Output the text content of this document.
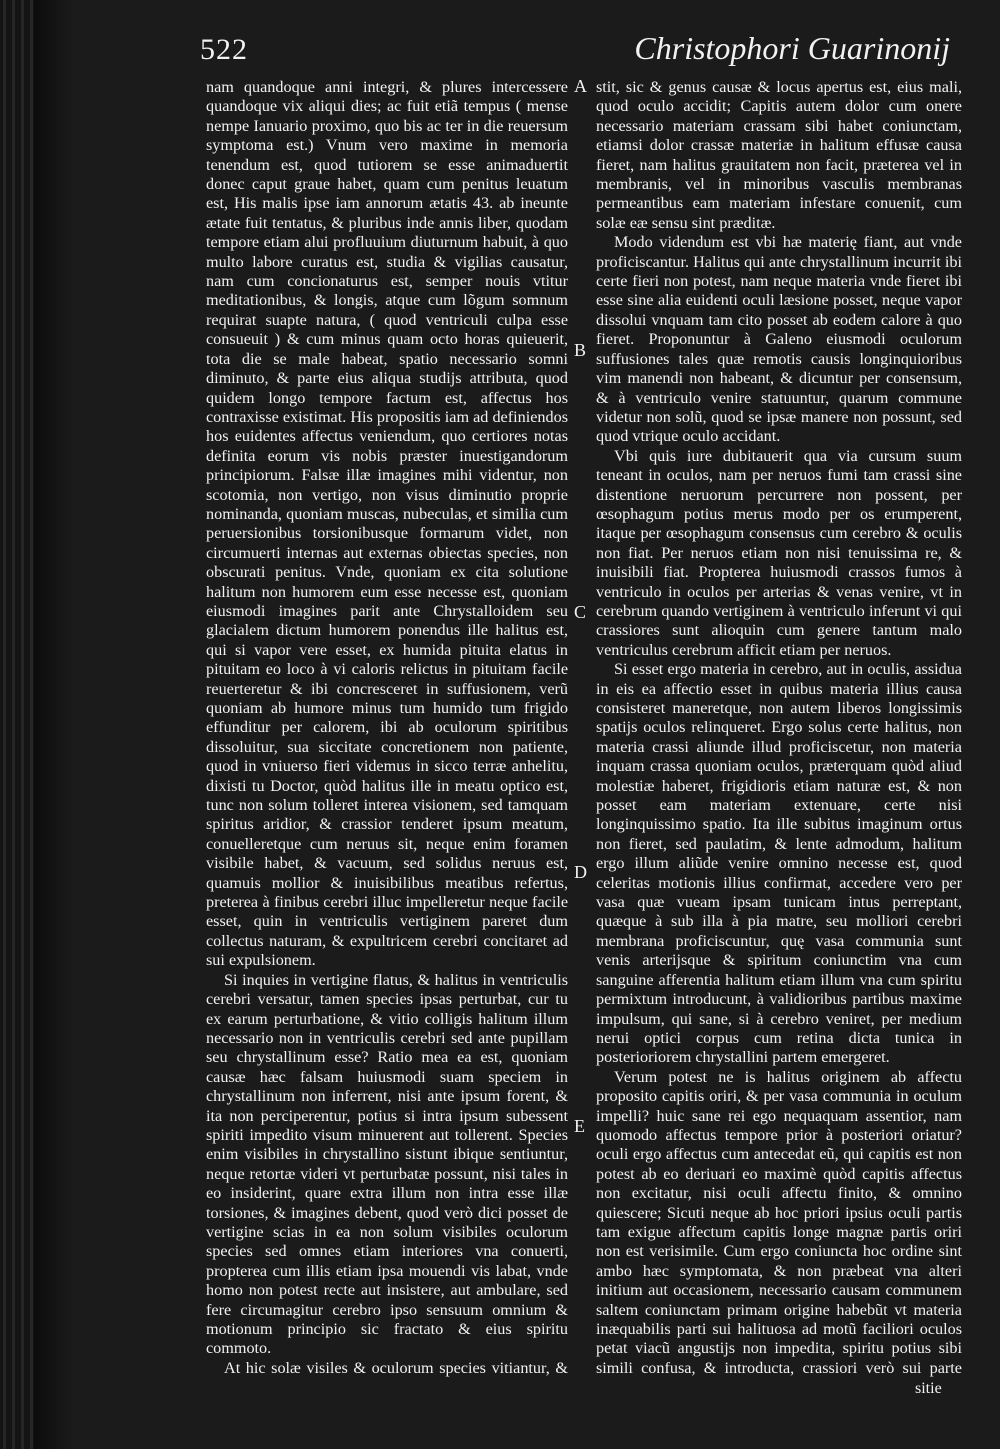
522	Christophori Guarinonij

nam quandoque anni integri, & plures intercessere quandoque vix aliqui dies; ac fuit etiã tempus ( mense nempe Ianuario proximo, quo bis ac ter in die reuersum symptoma est.) Vnum vero maxime in memoria tenendum est, quod tutiorem se esse animaduertit donec caput graue habet, quam cum penitus leuatum est, His malis ipse iam annorum ætatis 43. ab ineunte ætate fuit tentatus, & pluribus inde annis liber, quodam tempore etiam alui profluuium diuturnum habuit, à quo multo labore curatus est, studia & vigilias causatur, nam cum concionaturus est, semper nouis vtitur meditationibus, & longis, atque cum lõgum somnum requirat suapte natura, ( quod ventriculi culpa esse consueuit ) & cum minus quam octo horas quieuerit, tota die se male habeat, spatio necessario somni diminuto, & parte eius aliqua studijs attributa, quod quidem longo tempore factum est, affectus hos contraxisse existimat. His propositis iam ad definiendos hos euidentes affectus veniendum, quo certiores notas definita eorum vis nobis præster inuestigandorum principiorum. Falsæ illæ imagines mihi videntur, non scotomia, non vertigo, non visus diminutio proprie nominanda, quoniam muscas, nubeculas, et similia cum peruersionibus torsionibusque formarum videt, non circumuerti internas aut externas obiectas species, non obscurati penitus. Vnde, quoniam ex cita solutione halitum non humorem eum esse necesse est, quoniam eiusmodi imagines parit ante Chrystalloidem seu glacialem dictum humorem ponendus ille halitus est, qui si vapor vere esset, ex humida pituita elatus in pituitam eo loco à vi caloris relictus in pituitam facile reuerteretur & ibi concresceret in suffusionem, verũ quoniam ab humore minus tum humido tum frigido effunditur per calorem, ibi ab oculorum spiritibus dissoluitur, sua siccitate concretionem non patiente, quod in vniuerso fieri videmus in sicco terræ anhelitu, dixisti tu Doctor, quòd halitus ille in meatu optico est, tunc non solum tolleret interea visionem, sed tamquam spiritus aridior, & crassior tenderet ipsum meatum, conuelleretque cum neruus sit, neque enim foramen visibile habet, & vacuum, sed solidus neruus est, quamuis mollior & inuisibilibus meatibus refertus, preterea à finibus cerebri illuc impelleretur neque facile esset, quin in ventriculis vertiginem pareret dum collectus naturam, & expultricem cerebri concitaret ad sui expulsionem.

Si inquies in vertigine flatus, & halitus in ventriculis cerebri versatur, tamen species ipsas perturbat, cur tu ex earum perturbatione, & vitio colligis halitum illum necessario non in ventriculis cerebri sed ante pupillam seu chrystallinum esse? Ratio mea ea est, quoniam causæ hæc falsam huiusmodi suam speciem in chrystallinum non inferrent, nisi ante ipsum forent, & ita non perciperentur, potius si intra ipsum subessent spiriti impedito visum minuerent aut tollerent. Species enim visibiles in chrystallino sistunt ibique sentiuntur, neque retortæ videri vt perturbatæ possunt, nisi tales in eo insiderint, quare extra illum non intra esse illæ torsiones, & imagines debent, quod verò dici posset de vertigine scias in ea non solum visibiles oculorum species sed omnes etiam interiores vna conuerti, propterea cum illis etiam ipsa mouendi vis labat, vnde homo non potest recte aut insistere, aut ambulare, sed fere circumagitur cerebro ipso sensuum omnium & motionum principio sic fractato & eius spiritu commoto.

At hic solæ visiles & oculorum species vitiantur, &

A
B
C
D
E

stit, sic & genus causæ & locus apertus est, eius mali, quod oculo accidit; Capitis autem dolor cum onere necessario materiam crassam sibi habet coniunctam, etiamsi dolor crassæ materiæ in halitum effusæ causa fieret, nam halitus grauitatem non facit, præterea vel in membranis, vel in minoribus vasculis membranas permeantibus eam materiam infestare conuenit, cum solæ eæ sensu sint præditæ.

Modo videndum est vbi hæ materię fiant, aut vnde proficiscantur. Halitus qui ante chrystallinum incurrit ibi certe fieri non potest, nam neque materia vnde fieret ibi esse sine alia euidenti oculi læsione posset, neque vapor dissolui vnquam tam cito posset ab eodem calore à quo fieret. Proponuntur à Galeno eiusmodi oculorum suffusiones tales quæ remotis causis longinquioribus vim manendi non habeant, & dicuntur per consensum, & à ventriculo venire statuuntur, quarum commune videtur non solũ, quod se ipsæ manere non possunt, sed quod vtrique oculo accidant.

Vbi quis iure dubitauerit qua via cursum suum teneant in oculos, nam per neruos fumi tam crassi sine distentione neruorum percurrere non possent, per œsophagum potius merus modo per os erumperent, itaque per œsophagum consensus cum cerebro & oculis non fiat. Per neruos etiam non nisi tenuissima re, & inuisibili fiat. Propterea huiusmodi crassos fumos à ventriculo in oculos per arterias & venas venire, vt in cerebrum quando vertiginem à ventriculo inferunt vi qui crassiores sunt alioquin cum genere tantum malo ventriculus cerebrum afficit etiam per neruos.

Si esset ergo materia in cerebro, aut in oculis, assidua in eis ea affectio esset in quibus materia illius causa consisteret maneretque, non autem liberos longissimis spatijs oculos relinqueret. Ergo solus certe halitus, non materia crassi aliunde illud proficiscetur, non materia inquam crassa quoniam oculos, præterquam quòd aliud molestiæ haberet, frigidioris etiam naturæ est, & non posset eam materiam extenuare, certe nisi longinquissimo spatio. Ita ille subitus imaginum ortus non fieret, sed paulatim, & lente admodum, halitum ergo illum aliũde venire omnino necesse est, quod celeritas motionis illius confirmat, accedere vero per vasa quæ vueam ipsam tunicam intus perreptant, quæque à sub illa à pia matre, seu molliori cerebri membrana proficiscuntur, quę vasa communia sunt venis arterijsque & spiritum coniunctim vna cum sanguine afferentia halitum etiam illum vna cum spiritu permixtum introducunt, à validioribus partibus maxime impulsum, qui sane, si à cerebro veniret, per medium nerui optici corpus cum retina dicta tunica in posterioriorem chrystallini partem emergeret.

Verum potest ne is halitus originem ab affectu proposito capitis oriri, & per vasa communia in oculum impelli? huic sane rei ego nequaquam assentior, nam quomodo affectus tempore prior à posteriori oriatur? oculi ergo affectus cum antecedat eũ, qui capitis est non potest ab eo deriuari eo maximè quòd capitis affectus non excitatur, nisi oculi affectu finito, & omnino quiescere; Sicuti neque ab hoc priori ipsius oculi partis tam exigue affectum capitis longe magnæ partis oriri non est verisimile. Cum ergo coniuncta hoc ordine sint ambo hæc symptomata, & non præbeat vna alteri initium aut occasionem, necessario causam communem saltem coniunctam primam origine habebũt vt materia inæquabilis parti sui halituosa ad motũ faciliori oculos petat viacũ angustijs non impedita, spiritu potius sibi simili confusa, & introducta, crassiori verò sui parte

sitie
